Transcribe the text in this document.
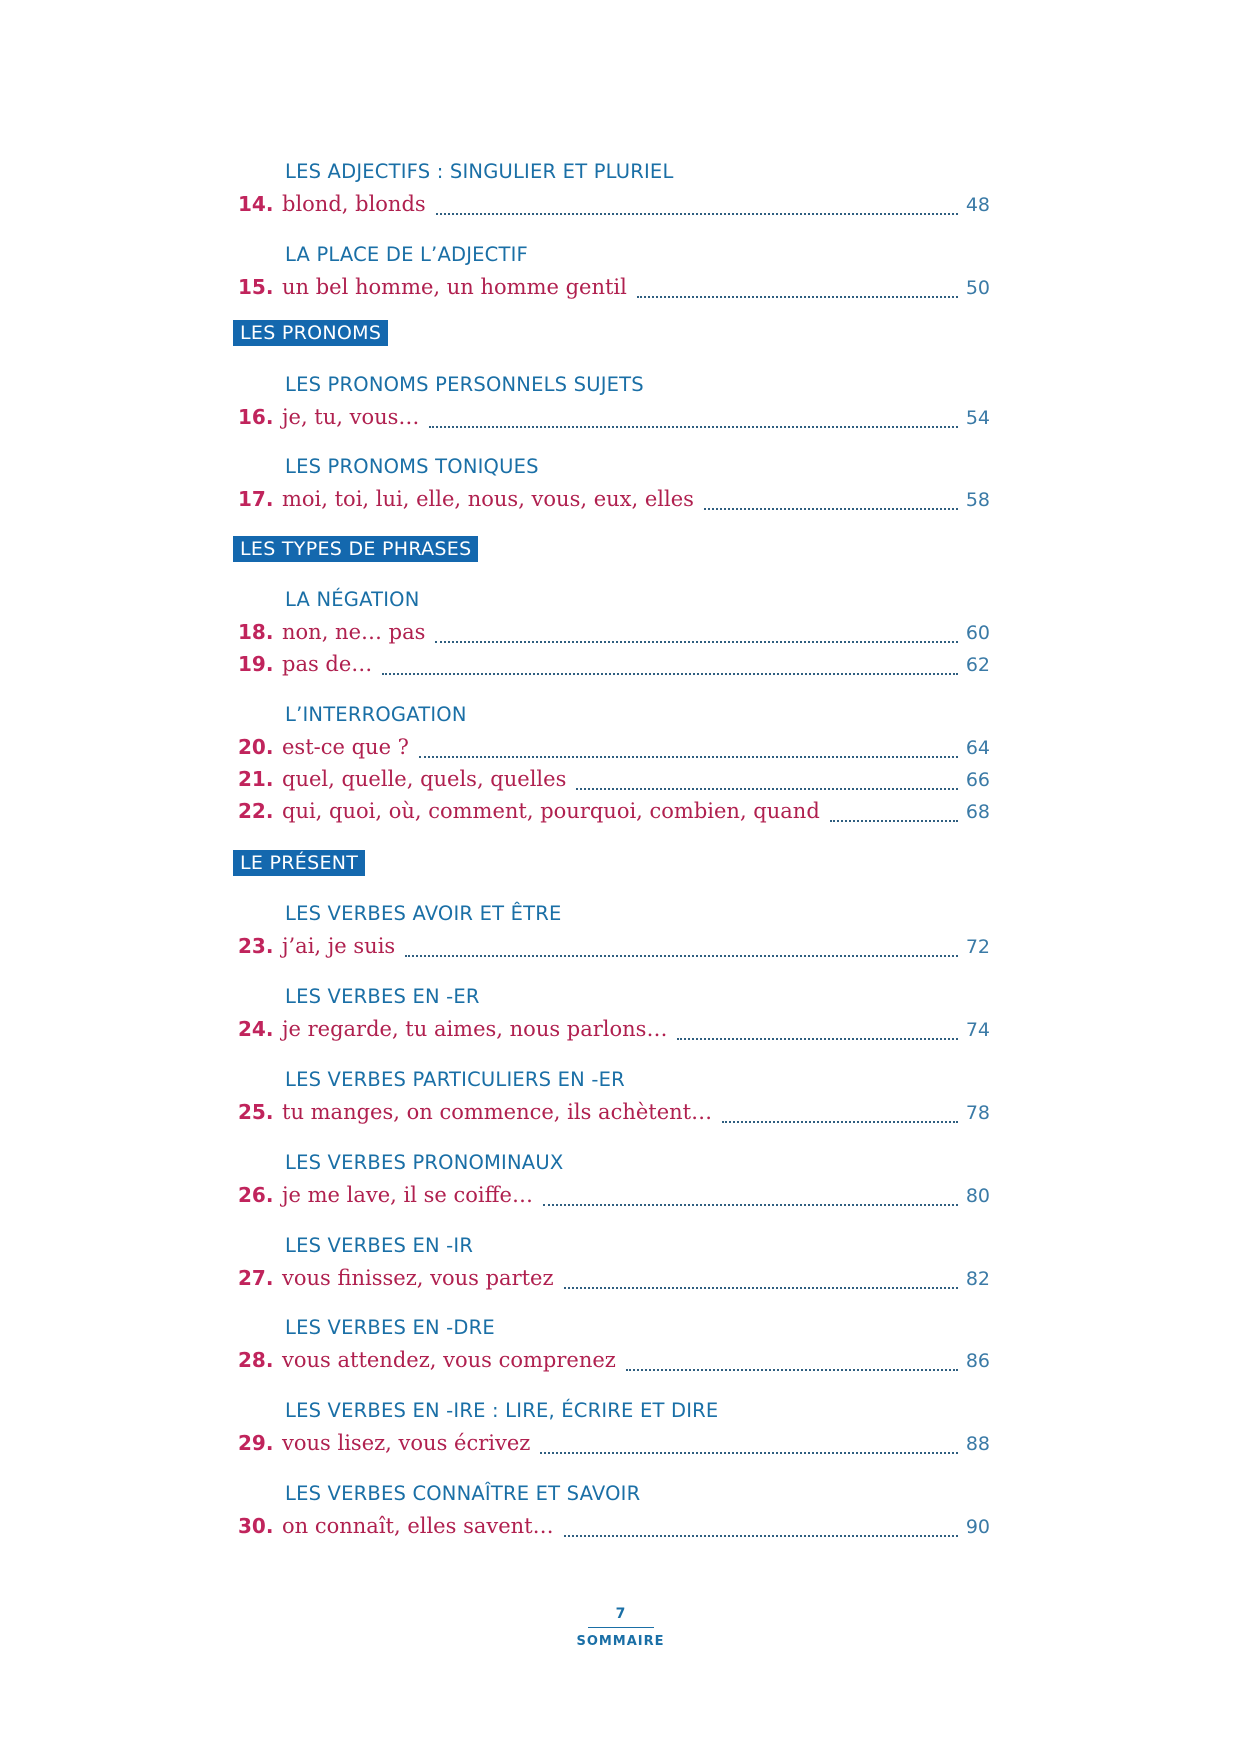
LES ADJECTIFS : SINGULIER ET PLURIEL
14. blond, blonds	48
LA PLACE DE L’ADJECTIF
15. un bel homme, un homme gentil	50
LES PRONOMS
LES PRONOMS PERSONNELS SUJETS
16. je, tu, vous…	54
LES PRONOMS TONIQUES
17. moi, toi, lui, elle, nous, vous, eux, elles	58
LES TYPES DE PHRASES
LA NÉGATION
18. non, ne… pas	60
19. pas de…	62
L’INTERROGATION
20. est-ce que ?	64
21. quel, quelle, quels, quelles	66
22. qui, quoi, où, comment, pourquoi, combien, quand	68
LE PRÉSENT
LES VERBES AVOIR ET ÊTRE
23. j’ai, je suis	72
LES VERBES EN -ER
24. je regarde, tu aimes, nous parlons…	74
LES VERBES PARTICULIERS EN -ER
25. tu manges, on commence, ils achètent…	78
LES VERBES PRONOMINAUX
26. je me lave, il se coiffe…	80
LES VERBES EN -IR
27. vous finissez, vous partez	82
LES VERBES EN -DRE
28. vous attendez, vous comprenez	86
LES VERBES EN -IRE : LIRE, ÉCRIRE ET DIRE
29. vous lisez, vous écrivez	88
LES VERBES CONNAÎTRE ET SAVOIR
30. on connaît, elles savent…	90
7
SOMMAIRE
